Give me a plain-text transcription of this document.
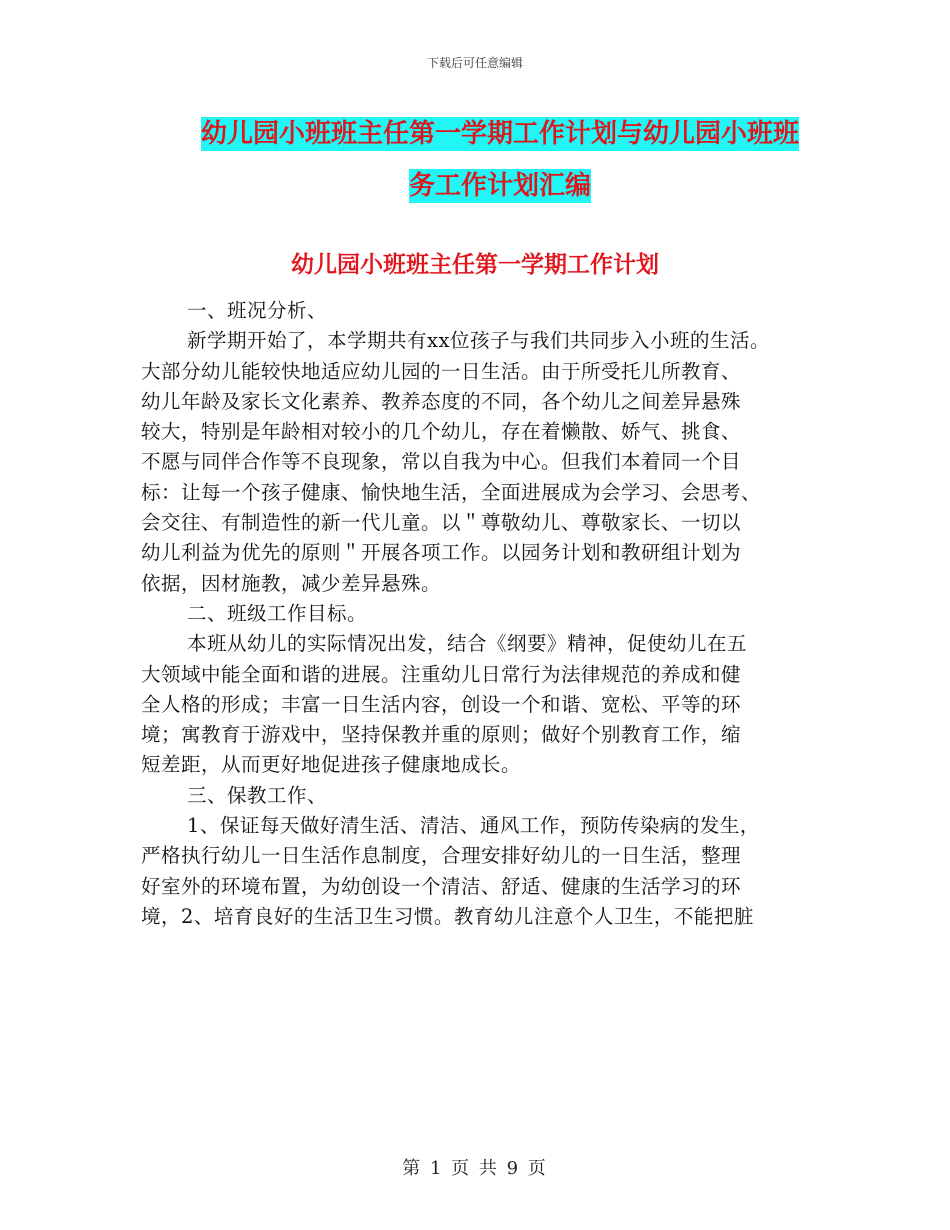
下载后可任意编辑
幼儿园小班班主任第一学期工作计划与幼儿园小班班
务工作计划汇编
幼儿园小班班主任第一学期工作计划
一、班况分析、
新学期开始了，本学期共有xx位孩子与我们共同步入小班的生活。
大部分幼儿能较快地适应幼儿园的一日生活。由于所受托儿所教育、
幼儿年龄及家长文化素养、教养态度的不同，各个幼儿之间差异悬殊
较大，特别是年龄相对较小的几个幼儿，存在着懒散、娇气、挑食、
不愿与同伴合作等不良现象，常以自我为中心。但我们本着同一个目
标：让每一个孩子健康、愉快地生活，全面进展成为会学习、会思考、
会交往、有制造性的新一代儿童。以＂尊敬幼儿、尊敬家长、一切以
幼儿利益为优先的原则＂开展各项工作。以园务计划和教研组计划为
依据，因材施教，减少差异悬殊。
二、班级工作目标。
本班从幼儿的实际情况出发，结合《纲要》精神，促使幼儿在五
大领域中能全面和谐的进展。注重幼儿日常行为法律规范的养成和健
全人格的形成；丰富一日生活内容，创设一个和谐、宽松、平等的环
境；寓教育于游戏中，坚持保教并重的原则；做好个别教育工作，缩
短差距，从而更好地促进孩子健康地成长。
三、保教工作、
1、保证每天做好清生活、清洁、通风工作，预防传染病的发生，
严格执行幼儿一日生活作息制度，合理安排好幼儿的一日生活，整理
好室外的环境布置，为幼创设一个清洁、舒适、健康的生活学习的环
境，2、培育良好的生活卫生习惯。教育幼儿注意个人卫生，不能把脏
第 1 页 共 9 页
